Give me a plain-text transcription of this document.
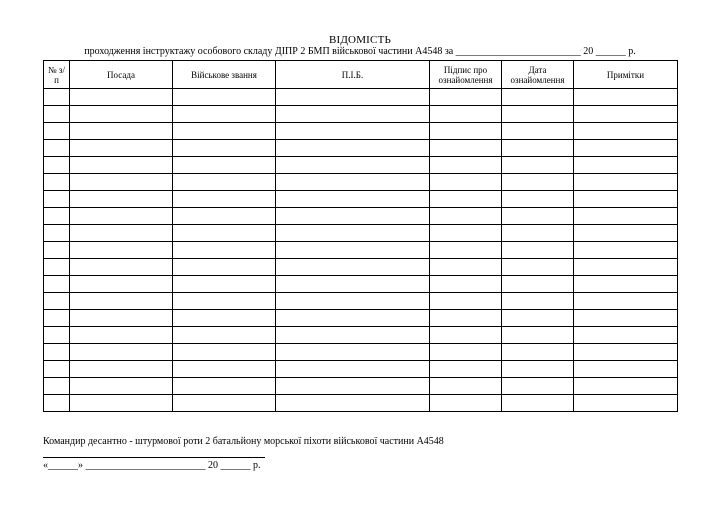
ВІДОМІСТЬ
проходження інструктажу особового складу ДІПР 2 БМП військової частини А4548 за _________________________ 20 ______ р.
№ з/п	Посада	Військове звання	П.І.Б.	Підпис про ознайомлення	Дата ознайомлення	Примітки

Командир десантно - штурмової роти 2 батальйону морської піхоти військової частини А4548
«______» ________________________ 20 ______ р.
